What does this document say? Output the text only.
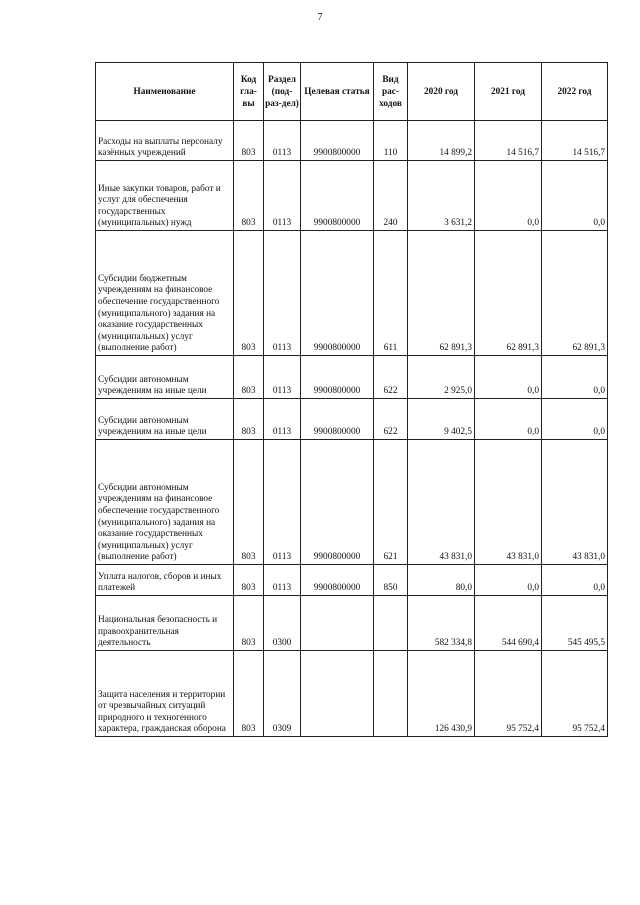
7
Наименование	Код гла-вы	Раздел (под-раз-дел)	Целевая статья	Вид рас-ходов	2020 год	2021 год	2022 год
Расходы на выплаты персоналу казённых учреждений	803	0113	9900800000	110	14 899,2	14 516,7	14 516,7
Иные закупки товаров, работ и услуг для обеспечения государственных (муниципальных) нужд	803	0113	9900800000	240	3 631,2	0,0	0,0
Субсидии бюджетным учреждениям на финансовое обеспечение государственного (муниципального) задания на оказание государственных (муниципальных) услуг (выполнение работ)	803	0113	9900800000	611	62 891,3	62 891,3	62 891,3
Субсидии автономным учреждениям на иные цели	803	0113	9900800000	622	2 925,0	0,0	0,0
Субсидии автономным учреждениям на иные цели	803	0113	9900800000	622	9 402,5	0,0	0,0
Субсидии автономным учреждениям на финансовое обеспечение государственного (муниципального) задания на оказание государственных (муниципальных) услуг (выполнение работ)	803	0113	9900800000	621	43 831,0	43 831,0	43 831,0
Уплата налогов, сборов и иных платежей	803	0113	9900800000	850	80,0	0,0	0,0
Национальная безопасность и правоохранительная деятельность	803	0300			582 334,8	544 690,4	545 495,5
Защита населения и территории от чрезвычайных ситуаций природного и техногенного характера, гражданская оборона	803	0309			126 430,9	95 752,4	95 752,4
